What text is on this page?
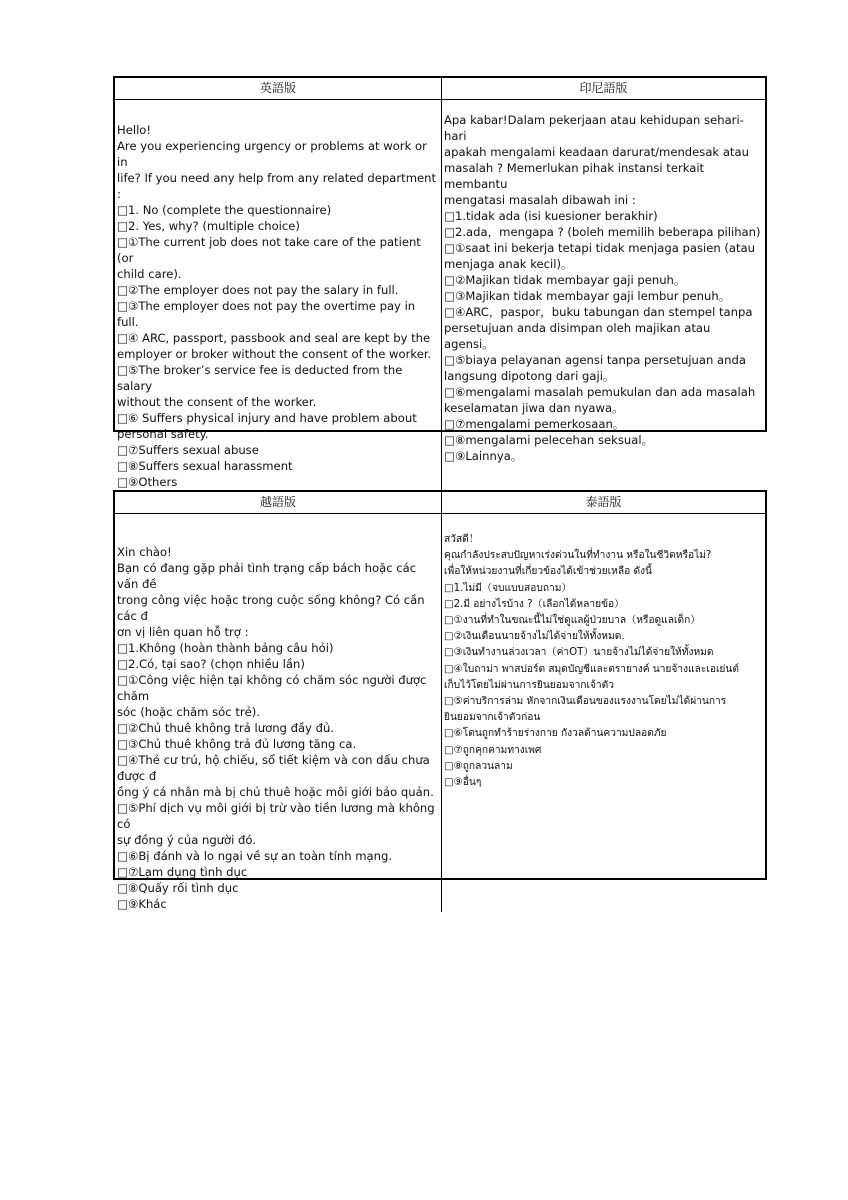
英語版	印尼語版
Hello!
Are you experiencing urgency or problems at work or in
life? If you need any help from any related department :
□1. No (complete the questionnaire)
□2. Yes, why? (multiple choice)
□①The current job does not take care of the patient (or
child care).
□②The employer does not pay the salary in full.
□③The employer does not pay the overtime pay in full.
□④ ARC, passport, passbook and seal are kept by the
employer or broker without the consent of the worker.
□⑤The broker’s service fee is deducted from the salary
without the consent of the worker.
□⑥ Suffers physical injury and have problem about
personal safety.
□⑦Suffers sexual abuse
□⑧Suffers sexual harassment
□⑨Others
Apa kabar!Dalam pekerjaan atau kehidupan sehari-hari
apakah mengalami keadaan darurat/mendesak atau
masalah ? Memerlukan pihak instansi terkait membantu
mengatasi masalah dibawah ini :
□1.tidak ada (isi kuesioner berakhir)
□2.ada，mengapa ? (boleh memilih beberapa pilihan)
□①saat ini bekerja tetapi tidak menjaga pasien (atau
menjaga anak kecil)。
□②Majikan tidak membayar gaji penuh。
□③Majikan tidak membayar gaji lembur penuh。
□④ARC，paspor，buku tabungan dan stempel tanpa
persetujuan anda disimpan oleh majikan atau agensi。
□⑤biaya pelayanan agensi tanpa persetujuan anda
langsung dipotong dari gaji。
□⑥mengalami masalah pemukulan dan ada masalah
keselamatan jiwa dan nyawa。
□⑦mengalami pemerkosaan。
□⑧mengalami pelecehan seksual。
□⑨Lainnya。
越語版	泰語版
Xin chào!
Bạn có đang gặp phải tình trạng cấp bách hoặc các vấn đề
trong công việc hoặc trong cuộc sống không? Có cần các đ
ơn vị liên quan hỗ trợ :
□1.Không (hoàn thành bảng câu hỏi)
□2.Có, tại sao? (chọn nhiều lần)
□①Công việc hiện tại không có chăm sóc người được chăm
sóc (hoặc chăm sóc trẻ).
□②Chủ thuê không trả lương đầy đủ.
□③Chủ thuê không trả đủ lương tăng ca.
□④Thẻ cư trú, hộ chiếu, sổ tiết kiệm và con dấu chưa được đ
ồng ý cá nhân mà bị chủ thuê hoặc môi giới bảo quản.
□⑤Phí dịch vụ môi giới bị trừ vào tiền lương mà không có
sự đồng ý của người đó.
□⑥Bị đánh và lo ngại về sự an toàn tính mạng.
□⑦Lạm dụng tình dục
□⑧Quấy rối tình dục
□⑨Khác
สวัสดี！
คุณกำลังประสบปัญหาเร่งด่วนในที่ทำงาน หรือในชีวิตหรือไม่?
เพื่อให้หน่วยงานที่เกี่ยวข้องได้เข้าช่วยเหลือ ดังนี้
□1.ไม่มี（จบแบบสอบถาม）
□2.มี อย่างไรบ้าง ?（เลือกได้หลายข้อ）
□①งานที่ทำในขณะนี้ไม่ใช่ดูแลผู้ป่วยบาล（หรือดูแลเด็ก）
□②เงินเดือนนายจ้างไม่ได้จ่ายให้ทั้งหมด.
□③เงินทำงานล่วงเวลา（ค่าOT）นายจ้างไม่ได้จ่ายให้ทั้งหมด
□④ใบถาม่า พาสปอร์ต สมุดบัญชีและตรายางค์ นายจ้างและเอเย่นต์
เก็บไว้โดยไม่ผ่านการยินยอมจากเจ้าตัว
□⑤ค่าบริการล่าม หักจากเงินเดือนของแรงงานโดยไม่ได้ผ่านการ
ยินยอมจากเจ้าตัวก่อน
□⑥โดนถูกทำร้ายร่างกาย กังวลด้านความปลอดภัย
□⑦ถูกคุกคามทางเพศ
□⑧ถูกลวนลาม
□⑨อื่นๆ
